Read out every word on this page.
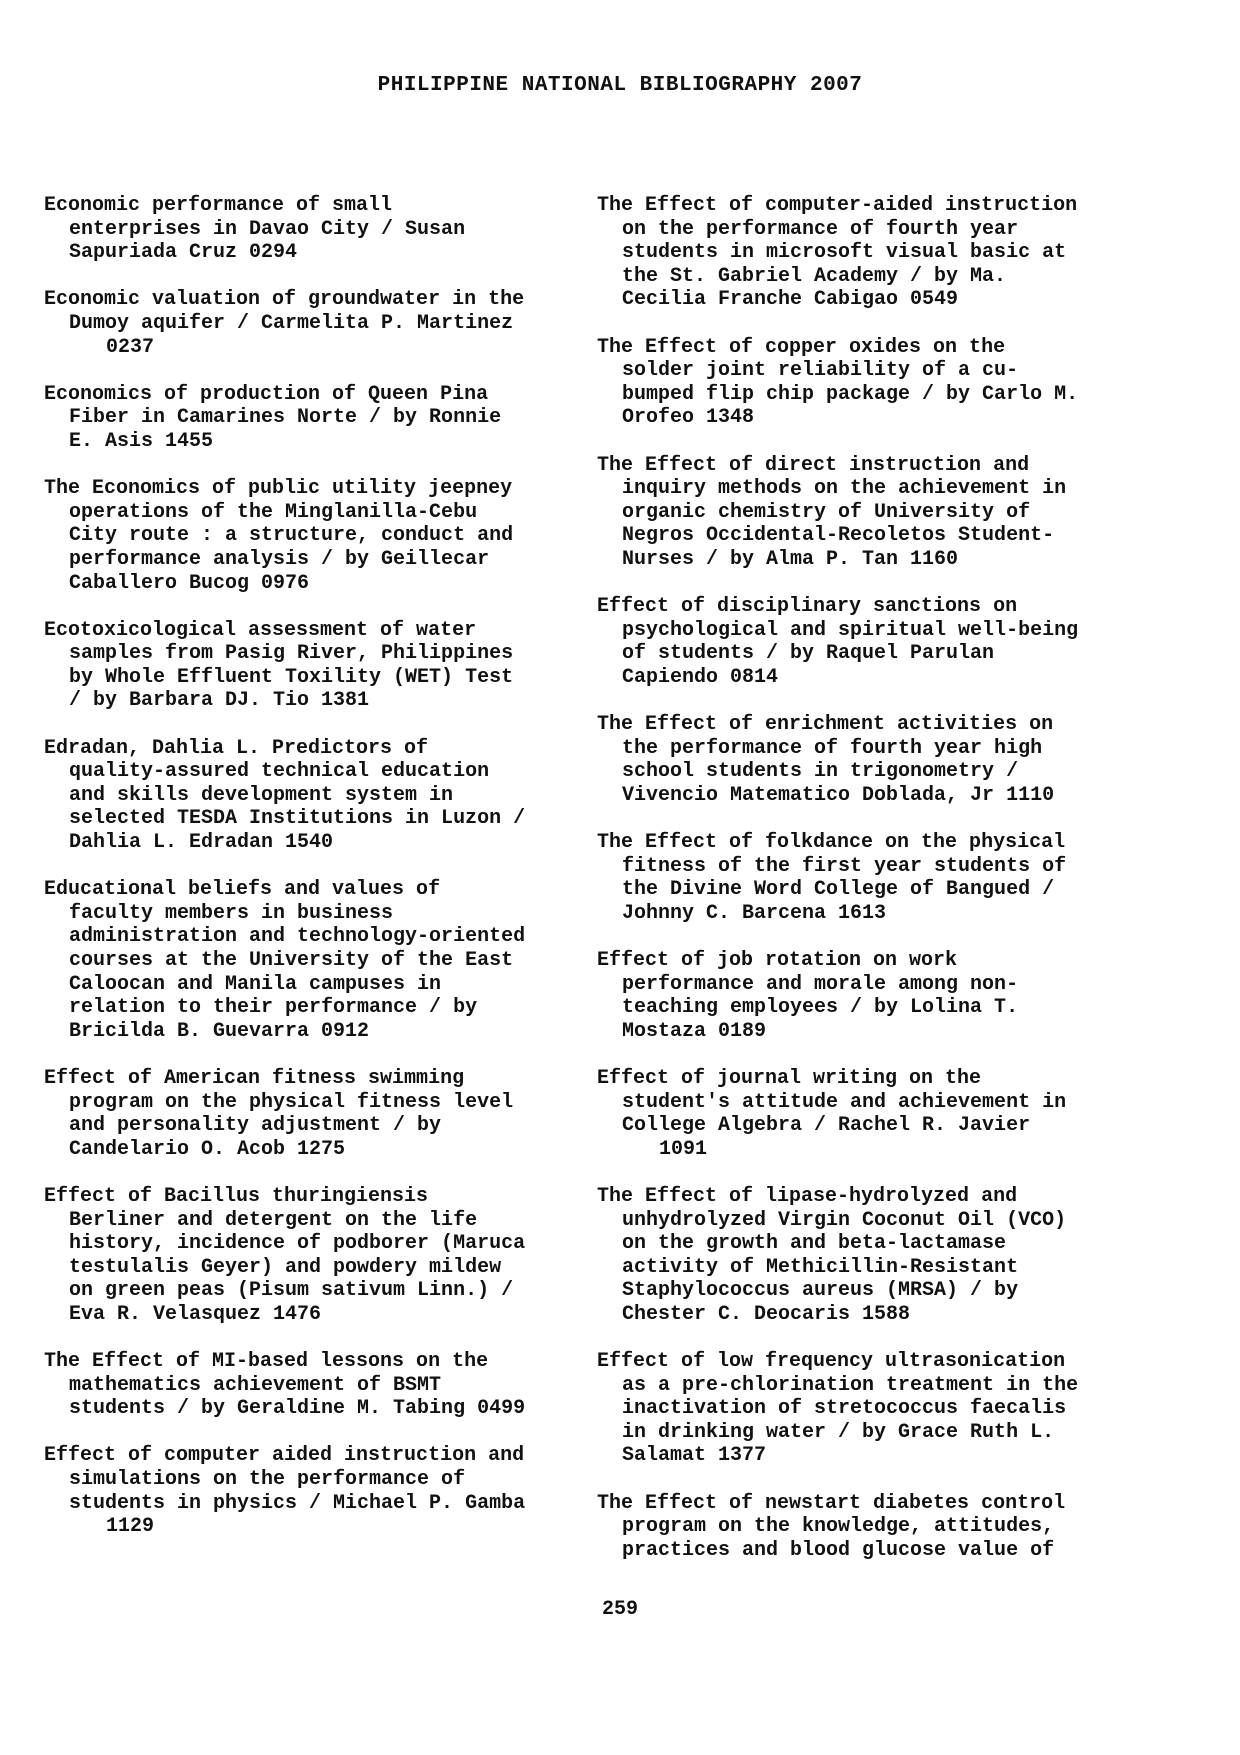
PHILIPPINE NATIONAL BIBLIOGRAPHY 2007
Economic performance of small
enterprises in Davao City / Susan
Sapuriada Cruz 0294
Economic valuation of groundwater in the
Dumoy aquifer / Carmelita P. Martinez
0237
Economics of production of Queen Pina
Fiber in Camarines Norte / by Ronnie
E. Asis 1455
The Economics of public utility jeepney
operations of the Minglanilla-Cebu
City route : a structure, conduct and
performance analysis / by Geillecar
Caballero Bucog 0976
Ecotoxicological assessment of water
samples from Pasig River, Philippines
by Whole Effluent Toxility (WET) Test
/ by Barbara DJ. Tio 1381
Edradan, Dahlia L. Predictors of
quality-assured technical education
and skills development system in
selected TESDA Institutions in Luzon /
Dahlia L. Edradan 1540
Educational beliefs and values of
faculty members in business
administration and technology-oriented
courses at the University of the East
Caloocan and Manila campuses in
relation to their performance / by
Bricilda B. Guevarra 0912
Effect of American fitness swimming
program on the physical fitness level
and personality adjustment / by
Candelario O. Acob 1275
Effect of Bacillus thuringiensis
Berliner and detergent on the life
history, incidence of podborer (Maruca
testulalis Geyer) and powdery mildew
on green peas (Pisum sativum Linn.) /
Eva R. Velasquez 1476
The Effect of MI-based lessons on the
mathematics achievement of BSMT
students / by Geraldine M. Tabing 0499
Effect of computer aided instruction and
simulations on the performance of
students in physics / Michael P. Gamba
1129
The Effect of computer-aided instruction
on the performance of fourth year
students in microsoft visual basic at
the St. Gabriel Academy / by Ma.
Cecilia Franche Cabigao 0549
The Effect of copper oxides on the
solder joint reliability of a cu-
bumped flip chip package / by Carlo M.
Orofeo 1348
The Effect of direct instruction and
inquiry methods on the achievement in
organic chemistry of University of
Negros Occidental-Recoletos Student-
Nurses / by Alma P. Tan 1160
Effect of disciplinary sanctions on
psychological and spiritual well-being
of students / by Raquel Parulan
Capiendo 0814
The Effect of enrichment activities on
the performance of fourth year high
school students in trigonometry /
Vivencio Matematico Doblada, Jr 1110
The Effect of folkdance on the physical
fitness of the first year students of
the Divine Word College of Bangued /
Johnny C. Barcena 1613
Effect of job rotation on work
performance and morale among non-
teaching employees / by Lolina T.
Mostaza 0189
Effect of journal writing on the
student's attitude and achievement in
College Algebra / Rachel R. Javier
1091
The Effect of lipase-hydrolyzed and
unhydrolyzed Virgin Coconut Oil (VCO)
on the growth and beta-lactamase
activity of Methicillin-Resistant
Staphylococcus aureus (MRSA) / by
Chester C. Deocaris 1588
Effect of low frequency ultrasonication
as a pre-chlorination treatment in the
inactivation of stretococcus faecalis
in drinking water / by Grace Ruth L.
Salamat 1377
The Effect of newstart diabetes control
program on the knowledge, attitudes,
practices and blood glucose value of
259
